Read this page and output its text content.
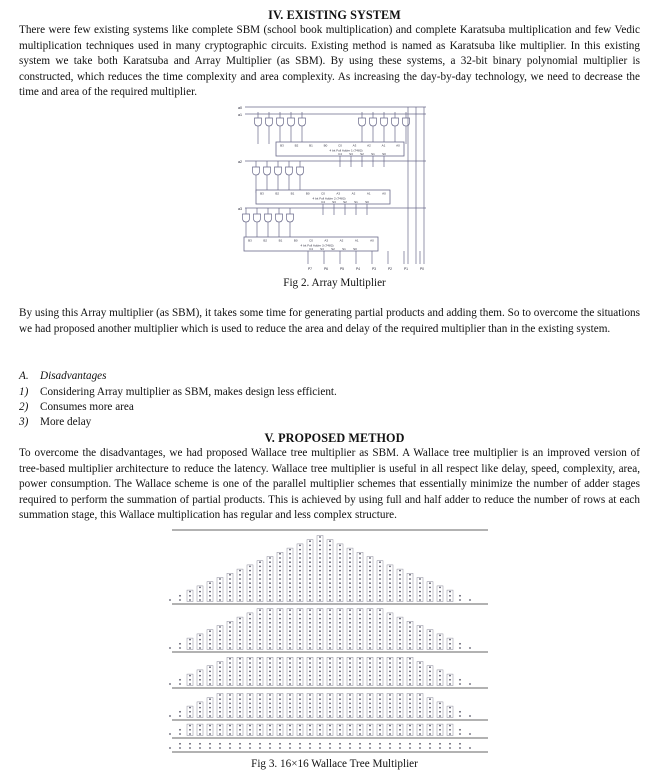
IV. EXISTING SYSTEM

There were few existing systems like complete SBM (school book multiplication) and complete Karatsuba multiplication and few Vedic multiplication techniques used in many cryptographic circuits. Existing method is named as Karatsuba like multiplier. In this existing system we take both Karatsuba and Array Multiplier (as SBM). By using these systems, a 32-bit binary polynomial multiplier is constructed, which reduces the time complexity and area complexity. As increasing the day-by-day technology, we need to decrease the time and area of the required multiplier.

a0
a1
a2
a3
B3	B2	B1	B0	C0	A3	A2	A1	A0
4 bit Full Adder 1 (7483)
C4 S3 S2 S1 S0
B3	B2	B1	B0	C0	A3	A2	A1	A0
4 bit Full Adder 2 (7483)
C4 S3 S2 S1 S0
B3	B2	B1	B0	C0	A3	A2	A1	A0
4 bit Full Adder 3 (7483)
C4 S3 S2 S1 S0
P7	P6	P5	P4	P3	P2	P1	P0
Fig 2. Array Multiplier

By using this Array multiplier (as SBM), it takes some time for generating partial products and adding them. So to overcome the situations we had proposed another multiplier which is used to reduce the area and delay of the required multiplier than in the existing system.

A. Disadvantages
1) Considering Array multiplier as SBM, makes design less efficient.
2) Consumes more area
3) More delay
V. PROPOSED METHOD

To overcome the disadvantages, we had proposed Wallace tree multiplier as SBM. A Wallace tree multiplier is an improved version of tree-based multiplier architecture to reduce the latency. Wallace tree multiplier is useful in all respect like delay, speed, complexity, area, power consumption. The Wallace scheme is one of the parallel multiplier schemes that essentially minimize the number of adder stages required to perform the summation of partial products. This is achieved by using full and half adder to reduce the number of rows at each summation stage, this Wallace multiplication has regular and less complex structure.

Fig 3. 16×16 Wallace Tree Multiplier
